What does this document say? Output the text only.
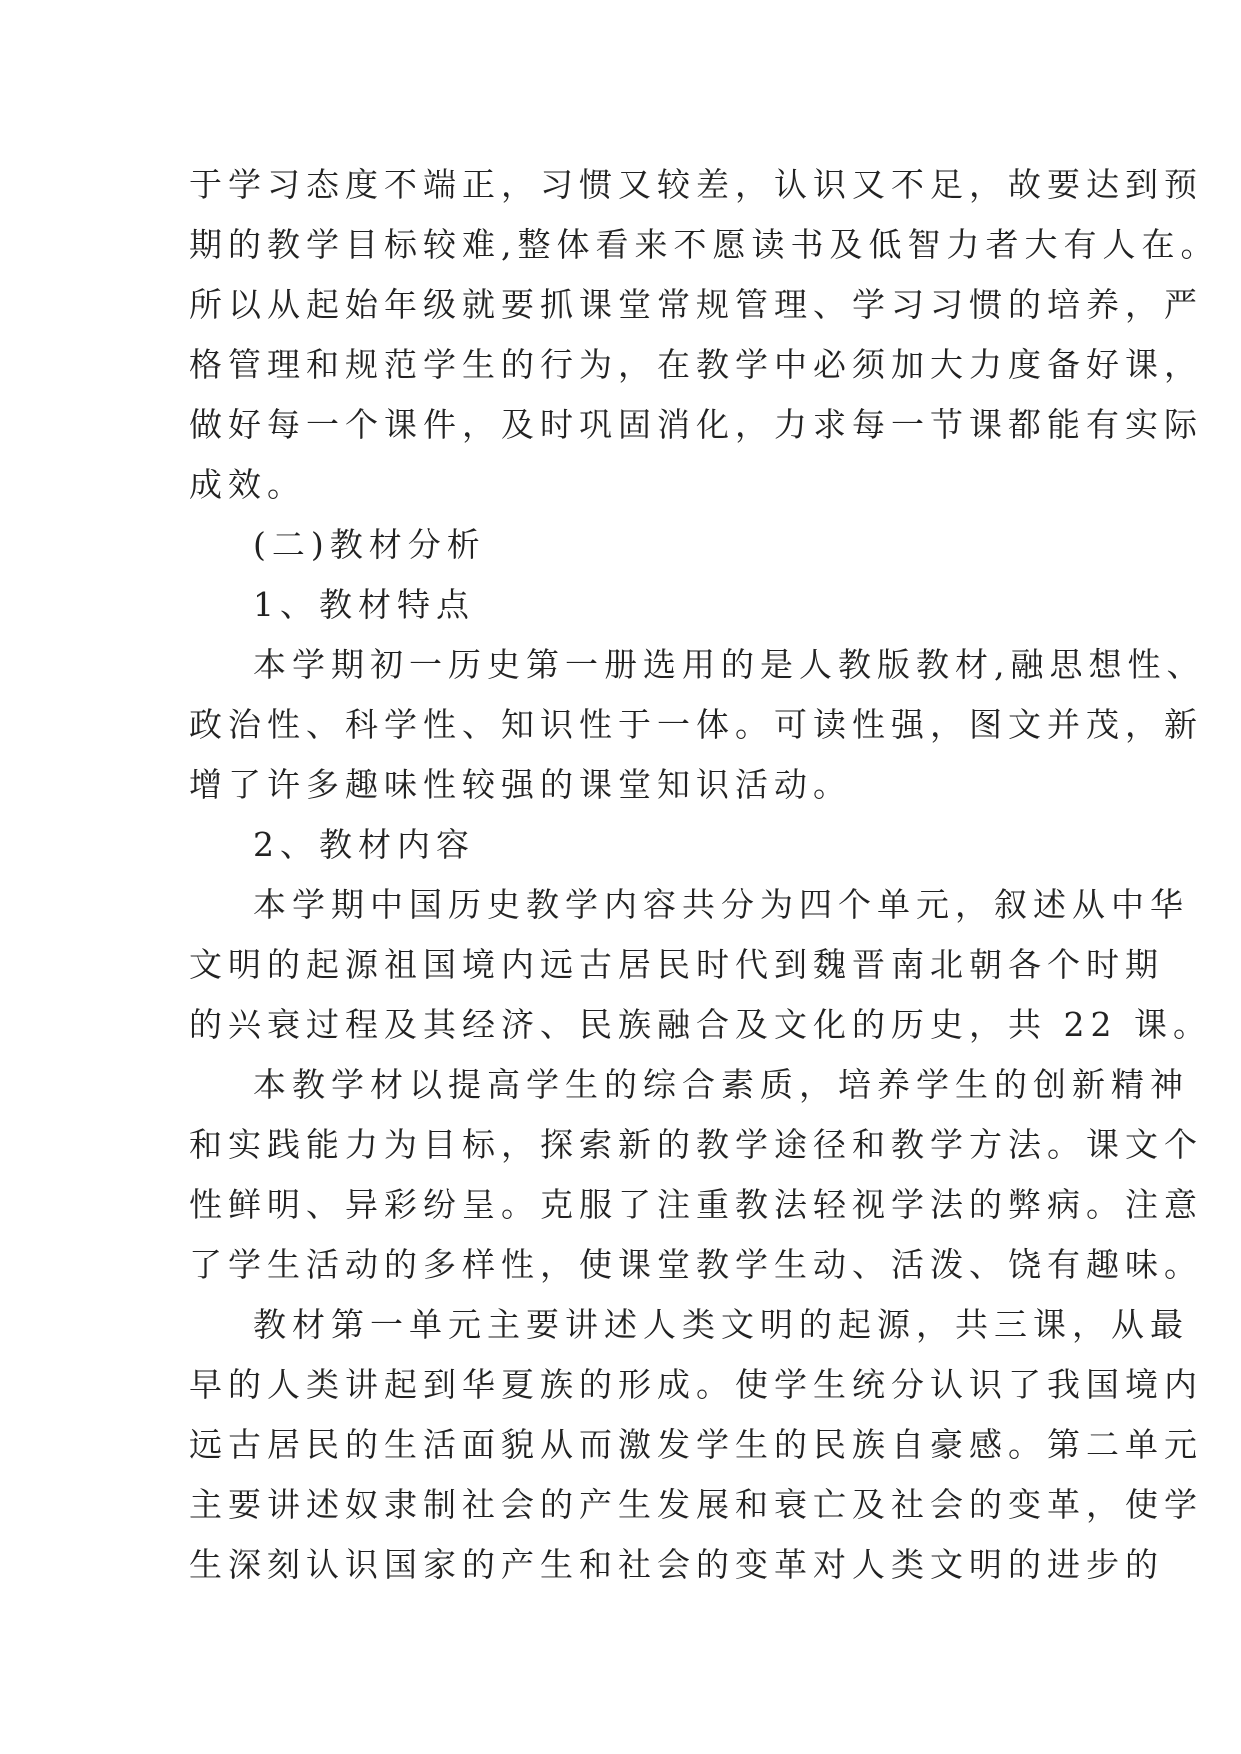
于学习态度不端正，习惯又较差，认识又不足，故要达到预
期的教学目标较难,整体看来不愿读书及低智力者大有人在。
所以从起始年级就要抓课堂常规管理、学习习惯的培养，严
格管理和规范学生的行为，在教学中必须加大力度备好课，
做好每一个课件，及时巩固消化，力求每一节课都能有实际
成效。
(二)教材分析
1、教材特点
本学期初一历史第一册选用的是人教版教材,融思想性、
政治性、科学性、知识性于一体。可读性强，图文并茂，新
增了许多趣味性较强的课堂知识活动。
2、教材内容
本学期中国历史教学内容共分为四个单元，叙述从中华
文明的起源祖国境内远古居民时代到魏晋南北朝各个时期
的兴衰过程及其经济、民族融合及文化的历史，共 22 课。
本教学材以提高学生的综合素质，培养学生的创新精神
和实践能力为目标，探索新的教学途径和教学方法。课文个
性鲜明、异彩纷呈。克服了注重教法轻视学法的弊病。注意
了学生活动的多样性，使课堂教学生动、活泼、饶有趣味。
教材第一单元主要讲述人类文明的起源，共三课，从最
早的人类讲起到华夏族的形成。使学生统分认识了我国境内
远古居民的生活面貌从而激发学生的民族自豪感。第二单元
主要讲述奴隶制社会的产生发展和衰亡及社会的变革，使学
生深刻认识国家的产生和社会的变革对人类文明的进步的
